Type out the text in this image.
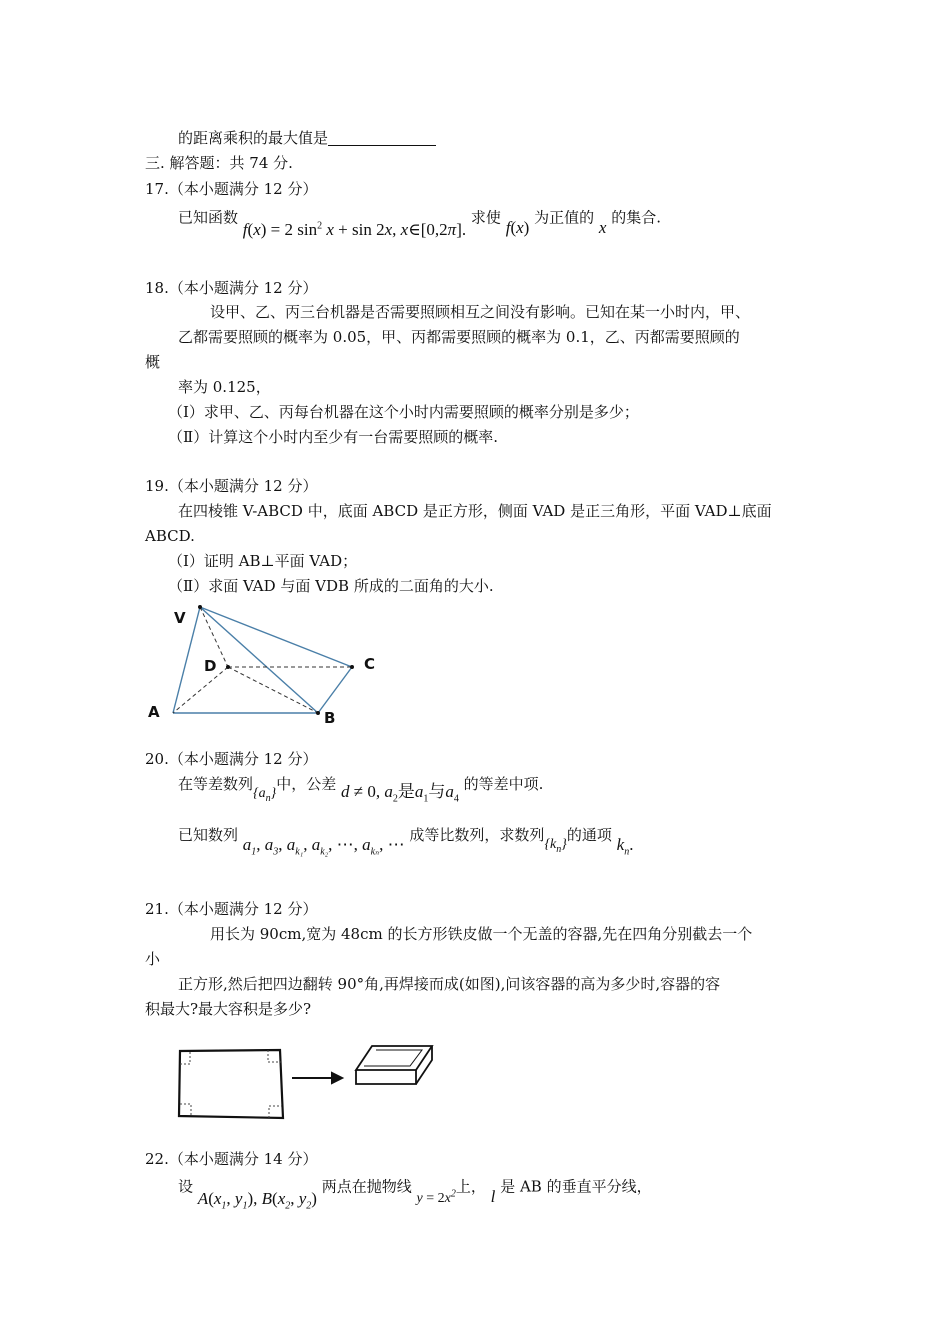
的距离乘积的最大值是
三. 解答题：共 74 分.
17.（本小题满分 12 分）
已知函数 f(x) = 2 $\sin^2 x + \sin 2x$, x∈[0,2π]. 求使 f(x) 为正值的 x 的集合.
18.（本小题满分 12 分）
设甲、乙、丙三台机器是否需要照顾相互之间没有影响。已知在某一小时内，甲、
乙都需要照顾的概率为 0.05，甲、丙都需要照顾的概率为 0.1，乙、丙都需要照顾的
概
率为 0.125，
（Ⅰ）求甲、乙、丙每台机器在这个小时内需要照顾的概率分别是多少；
（Ⅱ）计算这个小时内至少有一台需要照顾的概率.
19.（本小题满分 12 分）
在四棱锥 V-ABCD 中，底面 ABCD 是正方形，侧面 VAD 是正三角形，平面 VAD⊥底面
ABCD.
（Ⅰ）证明 AB⊥平面 VAD；
（Ⅱ）求面 VAD 与面 VDB 所成的二面角的大小.
V
D	C
A	B
20.（本小题满分 12 分）
在等差数列$\{a_n\}$中，公差 d ≠ 0, $a_2$是$a_1$与$a_4$ 的等差中项.
已知数列 $a_1$, $a_3$, $a_{k_1}$, $a_{k_2}$, ⋯, $a_{k_n}$, ⋯ 成等比数列，求数列$\{k_n\}$的通项 $k_n$.
21.（本小题满分 12 分）
用长为 90cm,宽为 48cm 的长方形铁皮做一个无盖的容器,先在四角分别截去一个
小
正方形,然后把四边翻转 90°角,再焊接而成(如图),问该容器的高为多少时,容器的容
积最大?最大容积是多少?
22.（本小题满分 14 分）
设 $A(x_1$, $y_1$), $B(x_2$, $y_2$) 两点在抛物线 $y = 2x^2$上， l 是 AB 的垂直平分线，
